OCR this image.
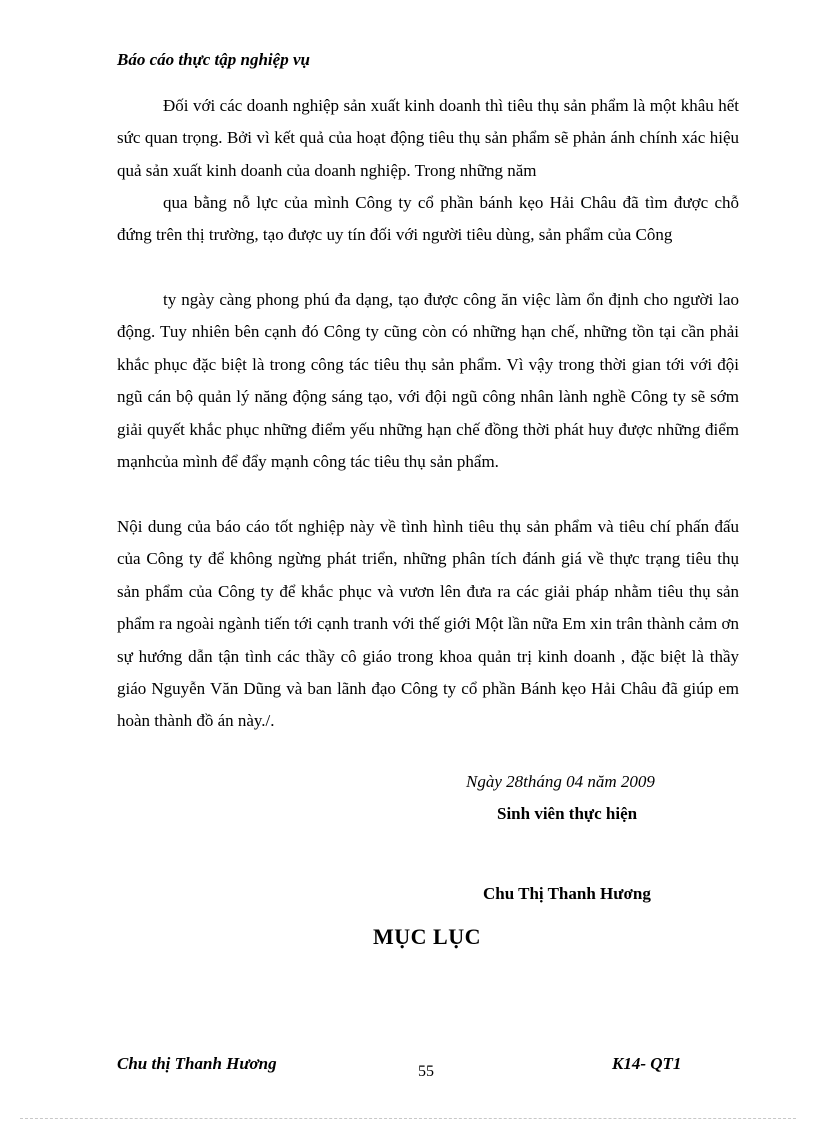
Báo cáo thực tập nghiệp vụ

Đối với các doanh nghiệp sản xuất kinh doanh thì tiêu thụ sản phẩm là một khâu hết sức quan trọng. Bởi vì kết quả của hoạt động tiêu thụ sản phẩm sẽ phản ánh chính xác hiệu quả sản xuất kinh doanh của doanh nghiệp. Trong những năm

qua bằng nỗ lực của mình Công ty cổ phần bánh kẹo Hải Châu đã tìm được chỗ đứng trên thị trường, tạo được uy tín đối với người tiêu dùng, sản phẩm của Công

ty ngày càng phong phú đa dạng, tạo được công ăn việc làm ổn định cho người lao động. Tuy nhiên bên cạnh đó Công ty cũng còn có những hạn chế, những tồn tại cần phải khắc phục đặc biệt là trong công tác tiêu thụ sản phẩm. Vì vậy trong thời gian tới với đội ngũ cán bộ quản lý năng động sáng tạo, với đội ngũ công nhân lành nghề Công ty sẽ sớm giải quyết khắc phục những điểm yếu những hạn chế đồng thời phát huy được những điểm mạnhcủa mình để đẩy mạnh công tác tiêu thụ sản phẩm.

Nội dung của báo cáo tốt nghiệp này về tình hình tiêu thụ sản phẩm và tiêu chí phấn đấu của Công ty để không ngừng phát triển, những phân tích đánh giá về thực trạng tiêu thụ sản phẩm của Công ty để khắc phục và vươn lên đưa ra các giải pháp nhằm tiêu thụ sản phẩm ra ngoài ngành tiến tới cạnh tranh với thế giới Một lần nữa Em xin trân thành cảm ơn sự hướng dẫn tận tình các thầy cô giáo trong khoa quản trị kinh doanh , đặc biệt là thầy giáo Nguyễn Văn Dũng và ban lãnh đạo Công ty cổ phần Bánh kẹo Hải Châu đã giúp em hoàn thành đồ án này./.

Ngày 28tháng 04 năm 2009
Sinh viên thực hiện
Chu Thị Thanh Hương
MỤC LỤC
Chu thị Thanh Hương	55	K14- QT1
